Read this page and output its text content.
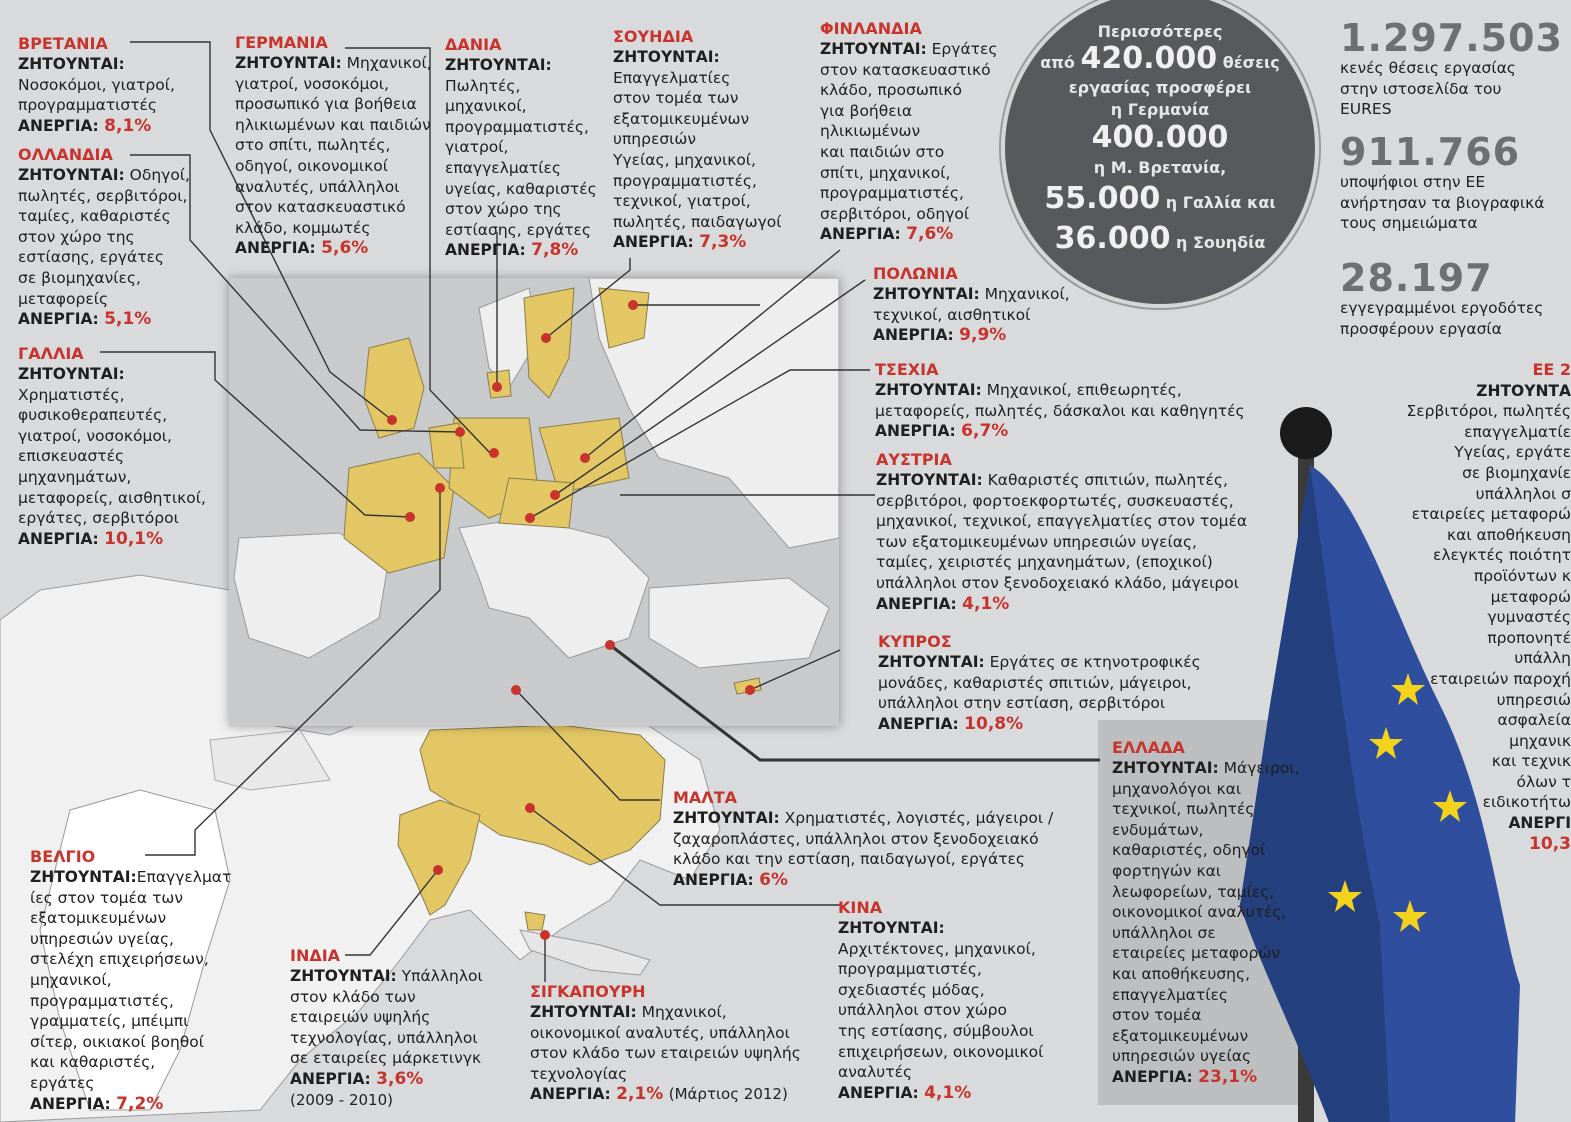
Περισσότερες
από 420.000 θέσεις
εργασίας προσφέρει
η Γερμανία
400.000
η Μ. Βρετανία,
55.000 η Γαλλία και
36.000 η Σουηδία
1.297.503
κενές θέσεις εργασίας
στην ιστοσελίδα του
EURES
911.766
υποψήφιοι στην ΕΕ
ανήρτησαν τα βιογραφικά
τους σημειώματα
28.197
εγγεγραμμένοι εργοδότες
προσφέρουν εργασία
ΕΕ 2
ΖΗΤΟΥΝΤΑ
Σερβιτόροι, πωλητές
επαγγελματίε
Υγείας, εργάτε
σε βιομηχανίε
υπάλληλοι σ
εταιρείες μεταφορώ
και αποθήκευση
ελεγκτές ποιότητ
προϊόντων κ
μεταφορώ
γυμναστές
προπονητέ
υπάλλη
εταιρειών παροχή
υπηρεσιώ
ασφαλεία
μηχανικ
και τεχνικ
όλων τ
ειδικοτήτω
ΑΝΕΡΓΙ
10,3
ΒΡΕΤΑΝΙΑ
ΖΗΤΟΥΝΤΑΙ:
Νοσοκόμοι, γιατροί,
προγραμματιστές
ΑΝΕΡΓΙΑ: 8,1%
ΟΛΛΑΝΔΙΑ
ΖΗΤΟΥΝΤΑΙ: Οδηγοί,
πωλητές, σερβιτόροι,
ταμίες, καθαριστές
στον χώρο της
εστίασης, εργάτες
σε βιομηχανίες,
μεταφορείς
ΑΝΕΡΓΙΑ: 5,1%
ΓΑΛΛΙΑ
ΖΗΤΟΥΝΤΑΙ:
Χρηματιστές,
φυσικοθεραπευτές,
γιατροί, νοσοκόμοι,
επισκευαστές
μηχανημάτων,
μεταφορείς, αισθητικοί,
εργάτες, σερβιτόροι
ΑΝΕΡΓΙΑ: 10,1%
ΓΕΡΜΑΝΙΑ
ΖΗΤΟΥΝΤΑΙ: Μηχανικοί,
γιατροί, νοσοκόμοι,
προσωπικό για βοήθεια
ηλικιωμένων και παιδιών
στο σπίτι, πωλητές,
οδηγοί, οικονομικοί
αναλυτές, υπάλληλοι
στον κατασκευαστικό
κλάδο, κομμωτές
ΑΝΕΡΓΙΑ: 5,6%
ΔΑΝΙΑ
ΖΗΤΟΥΝΤΑΙ:
Πωλητές,
μηχανικοί,
προγραμματιστές,
γιατροί,
επαγγελματίες
υγείας, καθαριστές
στον χώρο της
εστίασης, εργάτες
ΑΝΕΡΓΙΑ: 7,8%
ΣΟΥΗΔΙΑ
ΖΗΤΟΥΝΤΑΙ:
Επαγγελματίες
στον τομέα των
εξατομικευμένων
υπηρεσιών
Υγείας, μηχανικοί,
προγραμματιστές,
τεχνικοί, γιατροί,
πωλητές, παιδαγωγοί
ΑΝΕΡΓΙΑ: 7,3%
ΦΙΝΛΑΝΔΙΑ
ΖΗΤΟΥΝΤΑΙ: Εργάτες
στον κατασκευαστικό
κλάδο, προσωπικό
για βοήθεια
ηλικιωμένων
και παιδιών στο
σπίτι, μηχανικοί,
προγραμματιστές,
σερβιτόροι, οδηγοί
ΑΝΕΡΓΙΑ: 7,6%
ΠΟΛΩΝΙΑ
ΖΗΤΟΥΝΤΑΙ: Μηχανικοί,
τεχνικοί, αισθητικοί
ΑΝΕΡΓΙΑ: 9,9%
ΤΣΕΧΙΑ
ΖΗΤΟΥΝΤΑΙ: Μηχανικοί, επιθεωρητές,
μεταφορείς, πωλητές, δάσκαλοι και καθηγητές
ΑΝΕΡΓΙΑ: 6,7%
ΑΥΣΤΡΙΑ
ΖΗΤΟΥΝΤΑΙ: Καθαριστές σπιτιών, πωλητές,
σερβιτόροι, φορτοεκφορτωτές, συσκευαστές,
μηχανικοί, τεχνικοί, επαγγελματίες στον τομέα
των εξατομικευμένων υπηρεσιών υγείας,
ταμίες, χειριστές μηχανημάτων, (εποχικοί)
υπάλληλοι στον ξενοδοχειακό κλάδο, μάγειροι
ΑΝΕΡΓΙΑ: 4,1%
ΚΥΠΡΟΣ
ΖΗΤΟΥΝΤΑΙ: Εργάτες σε κτηνοτροφικές
μονάδες, καθαριστές σπιτιών, μάγειροι,
υπάλληλοι στην εστίαση, σερβιτόροι
ΑΝΕΡΓΙΑ: 10,8%
ΕΛΛΑΔΑ
ΖΗΤΟΥΝΤΑΙ: Μάγειροι,
μηχανολόγοι και
τεχνικοί, πωλητές
ενδυμάτων,
καθαριστές, οδηγοί
φορτηγών και
λεωφορείων, ταμίες,
οικονομικοί αναλυτές,
υπάλληλοι σε
εταιρείες μεταφορών
και αποθήκευσης,
επαγγελματίες
στον τομέα
εξατομικευμένων
υπηρεσιών υγείας
ΑΝΕΡΓΙΑ: 23,1%
ΜΑΛΤΑ
ΖΗΤΟΥΝΤΑΙ: Χρηματιστές, λογιστές, μάγειροι /
ζαχαροπλάστες, υπάλληλοι στον ξενοδοχειακό
κλάδο και την εστίαση, παιδαγωγοί, εργάτες
ΑΝΕΡΓΙΑ: 6%
ΚΙΝΑ
ΖΗΤΟΥΝΤΑΙ:
Αρχιτέκτονες, μηχανικοί,
προγραμματιστές,
σχεδιαστές μόδας,
υπάλληλοι στον χώρο
της εστίασης, σύμβουλοι
επιχειρήσεων, οικονομικοί
αναλυτές
ΑΝΕΡΓΙΑ: 4,1%
ΣΙΓΚΑΠΟΥΡΗ
ΖΗΤΟΥΝΤΑΙ: Μηχανικοί,
οικονομικοί αναλυτές, υπάλληλοι
στον κλάδο των εταιρειών υψηλής
τεχνολογίας
ΑΝΕΡΓΙΑ: 2,1% (Μάρτιος 2012)
ΙΝΔΙΑ
ΖΗΤΟΥΝΤΑΙ: Υπάλληλοι
στον κλάδο των
εταιρειών υψηλής
τεχνολογίας, υπάλληλοι
σε εταιρείες μάρκετινγκ
ΑΝΕΡΓΙΑ: 3,6%
(2009 - 2010)
ΒΕΛΓΙΟ
ΖΗΤΟΥΝΤΑΙ:Επαγγελματ
ίες στον τομέα των
εξατομικευμένων
υπηρεσιών υγείας,
στελέχη επιχειρήσεων,
μηχανικοί,
προγραμματιστές,
γραμματείς, μπέιμπι
σίτερ, οικιακοί βοηθοί
και καθαριστές,
εργάτες
ΑΝΕΡΓΙΑ: 7,2%
